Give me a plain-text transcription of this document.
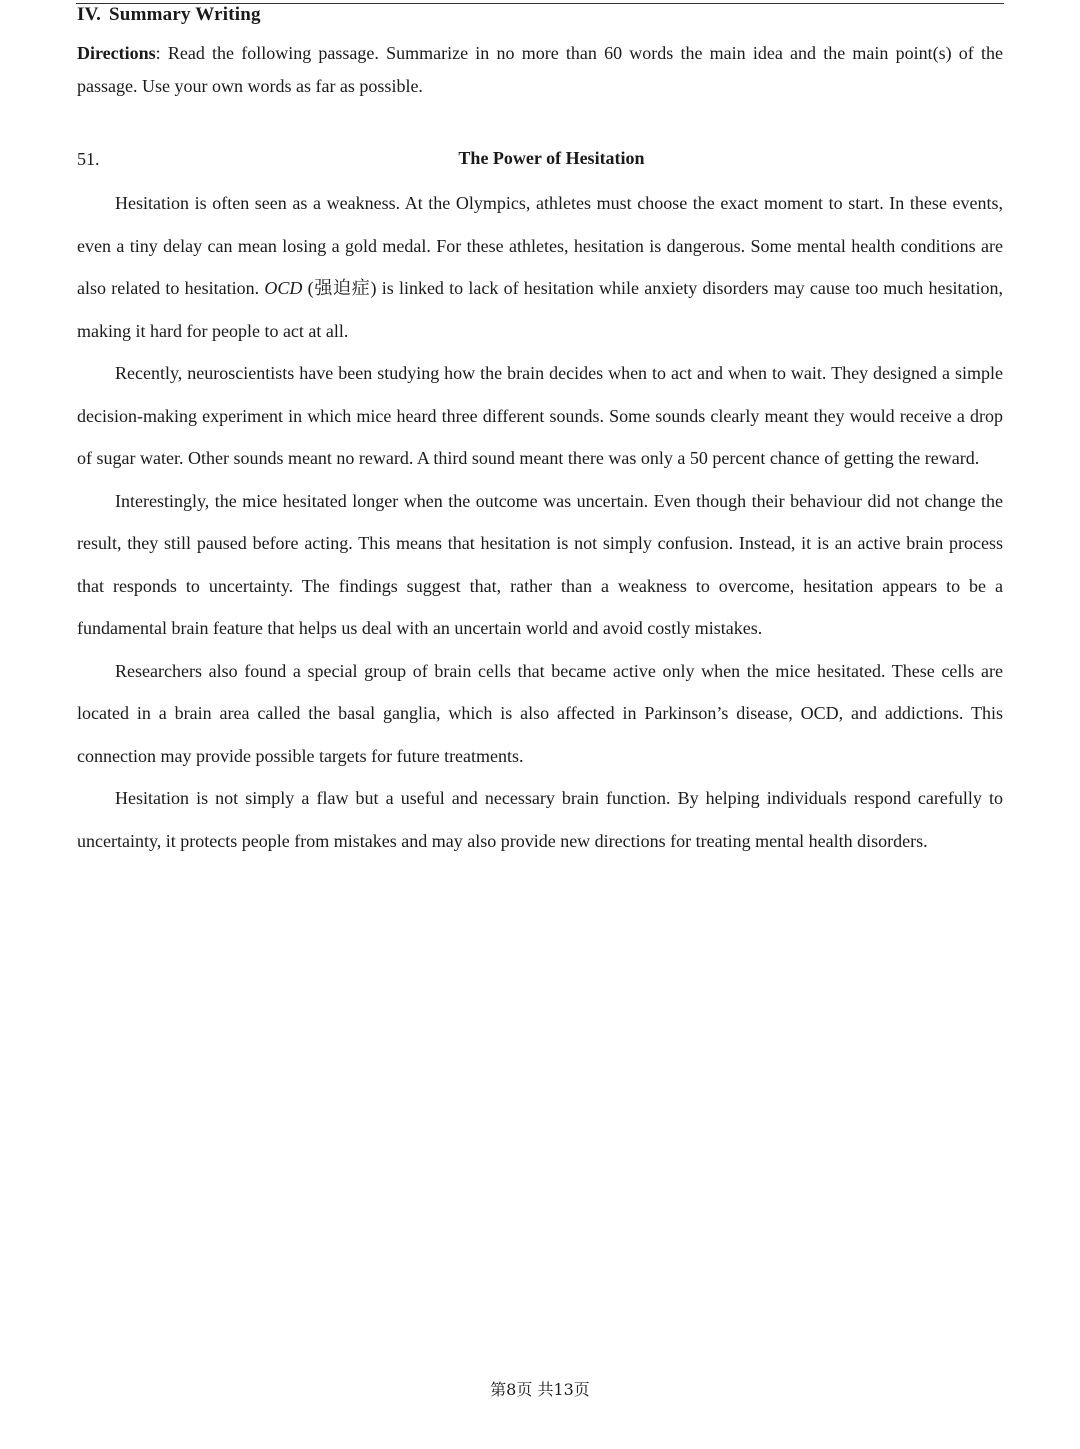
IV. Summary Writing
Directions: Read the following passage. Summarize in no more than 60 words the main idea and the main point(s) of the passage. Use your own words as far as possible.
51.	The Power of Hesitation

Hesitation is often seen as a weakness. At the Olympics, athletes must choose the exact moment to start. In these events, even a tiny delay can mean losing a gold medal. For these athletes, hesitation is dangerous. Some mental health conditions are also related to hesitation. OCD (强迫症) is linked to lack of hesitation while anxiety disorders may cause too much hesitation, making it hard for people to act at all.

Recently, neuroscientists have been studying how the brain decides when to act and when to wait. They designed a simple decision-making experiment in which mice heard three different sounds. Some sounds clearly meant they would receive a drop of sugar water. Other sounds meant no reward. A third sound meant there was only a 50 percent chance of getting the reward.

Interestingly, the mice hesitated longer when the outcome was uncertain. Even though their behaviour did not change the result, they still paused before acting. This means that hesitation is not simply confusion. Instead, it is an active brain process that responds to uncertainty. The findings suggest that, rather than a weakness to overcome, hesitation appears to be a fundamental brain feature that helps us deal with an uncertain world and avoid costly mistakes.

Researchers also found a special group of brain cells that became active only when the mice hesitated. These cells are located in a brain area called the basal ganglia, which is also affected in Parkinson’s disease, OCD, and addictions. This connection may provide possible targets for future treatments.

Hesitation is not simply a flaw but a useful and necessary brain function. By helping individuals respond carefully to uncertainty, it protects people from mistakes and may also provide new directions for treating mental health disorders.

第8页 共13页
